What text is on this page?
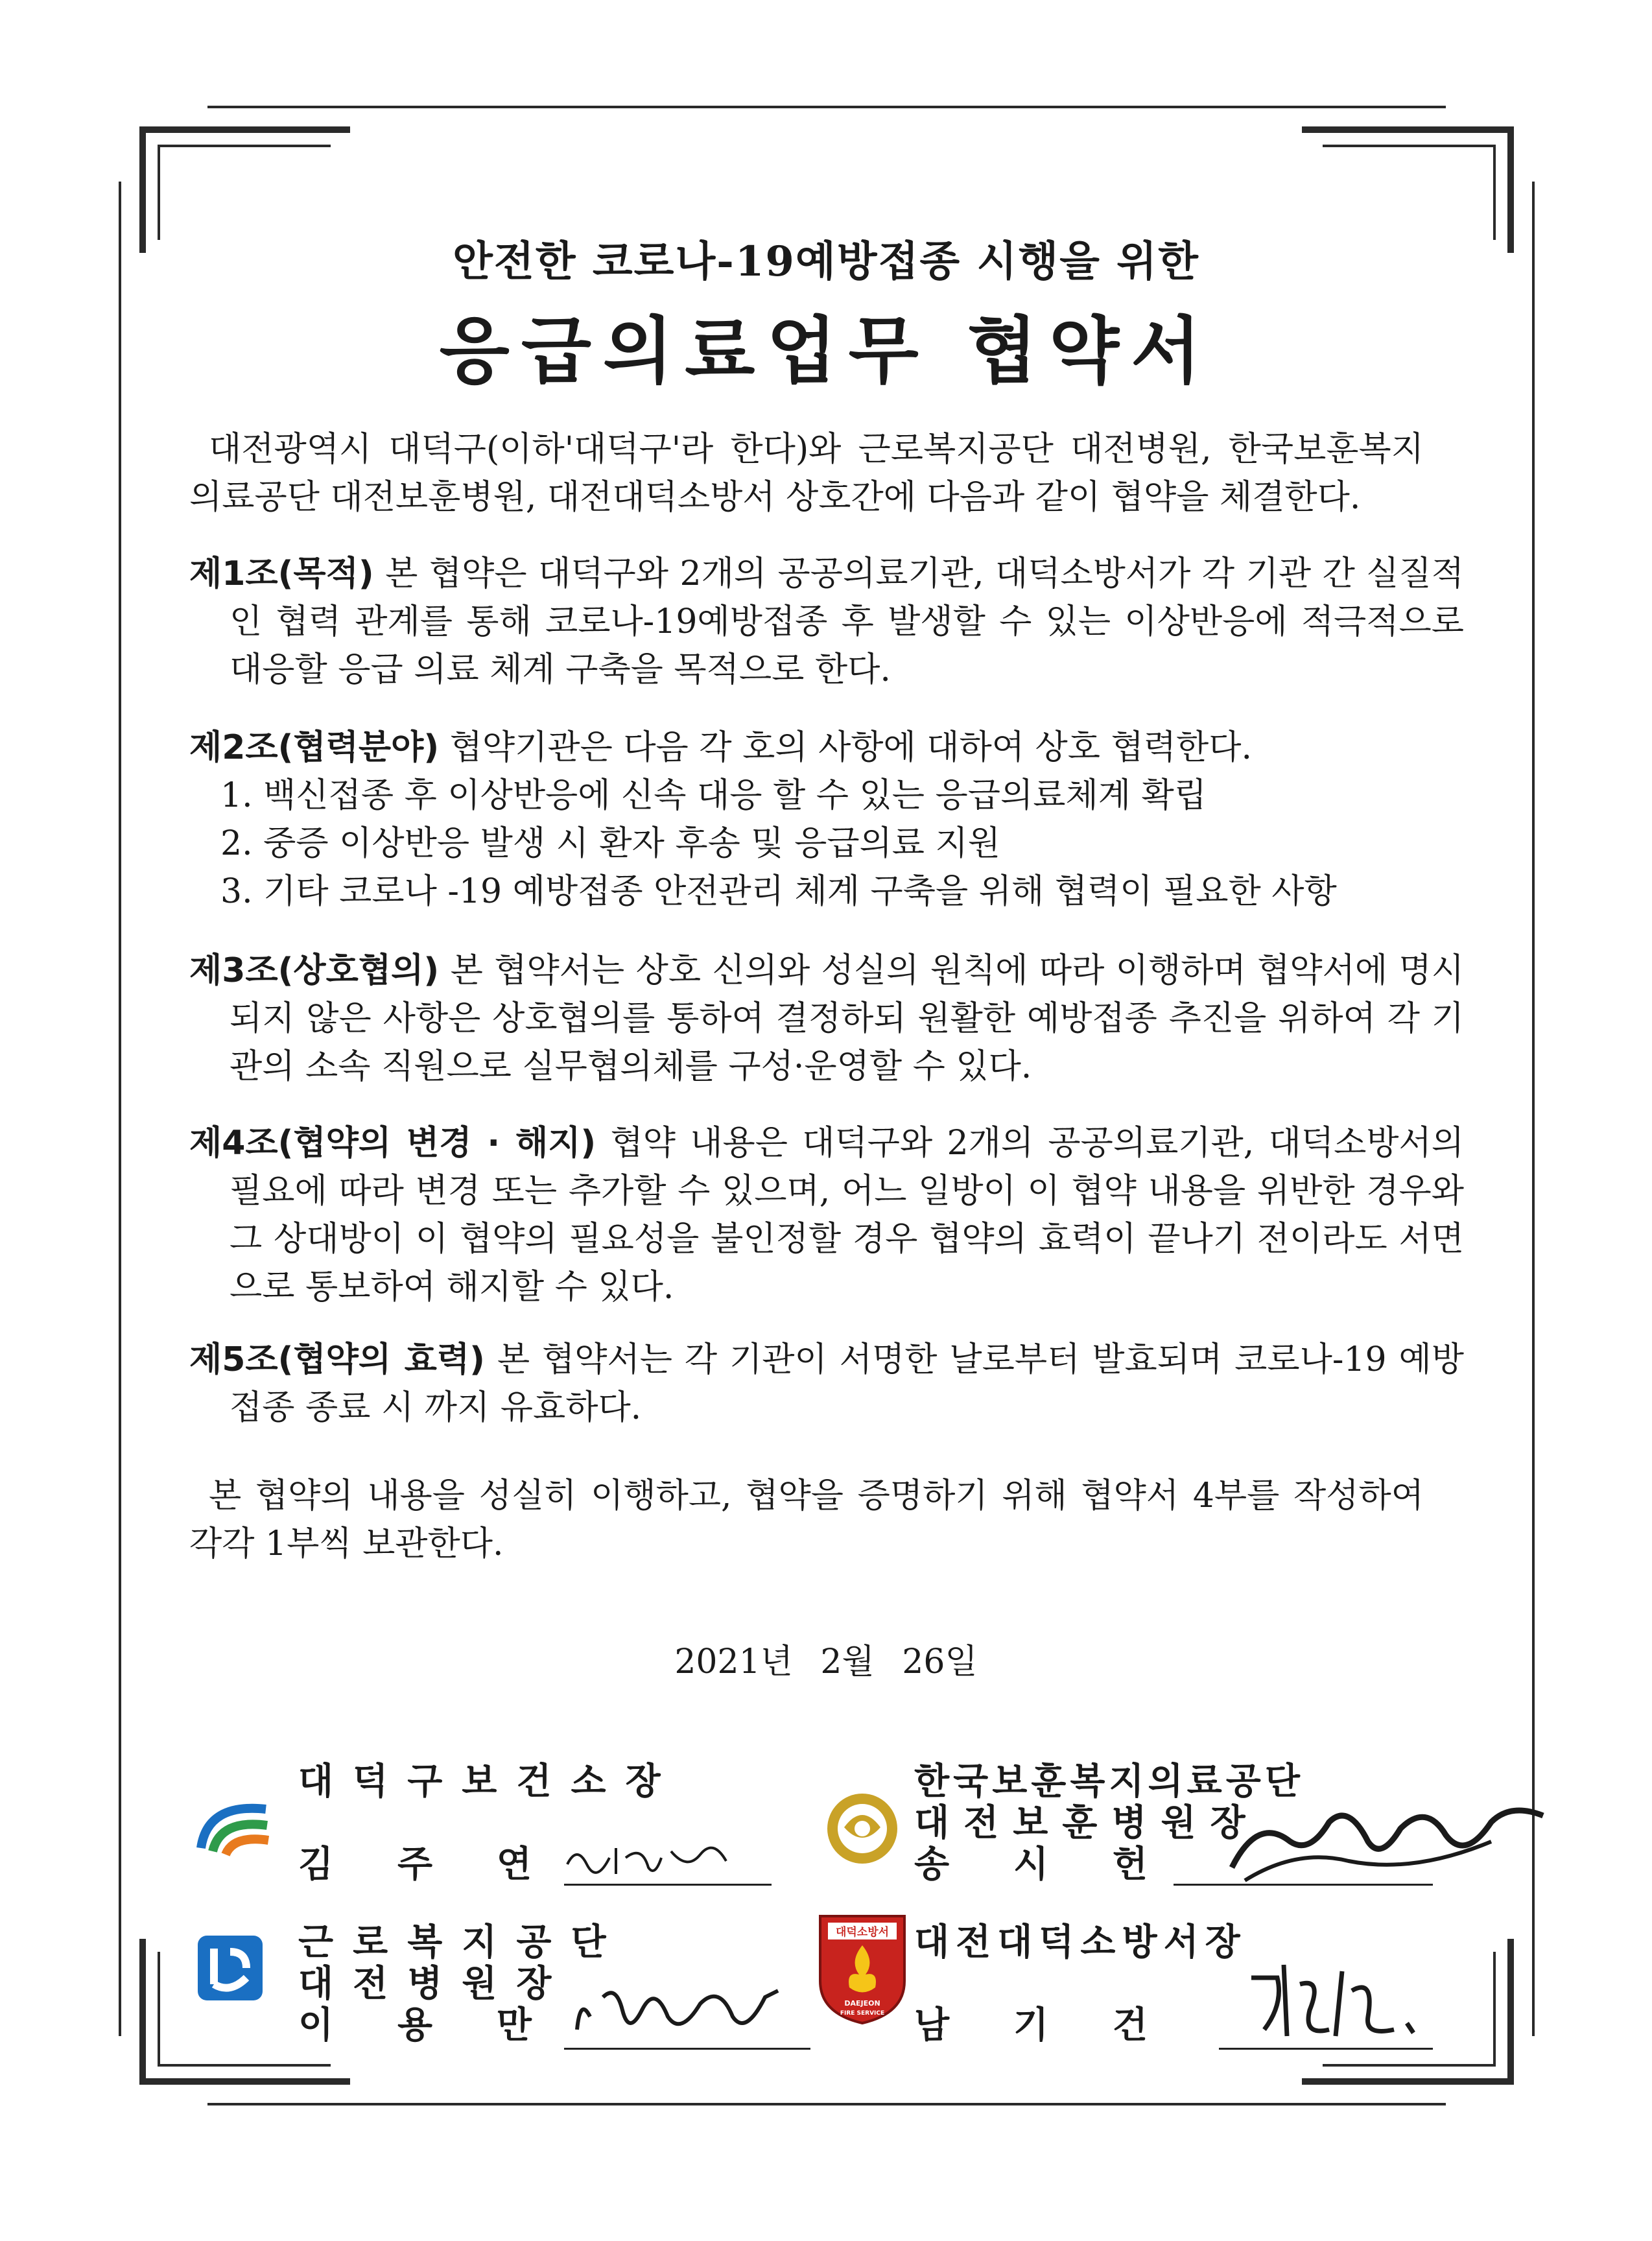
안전한 코로나-19예방접종 시행을 위한
응급의료업무 협약서
대전광역시 대덕구(이하'대덕구'라 한다)와 근로복지공단 대전병원, 한국보훈복지의료공단 대전보훈병원, 대전대덕소방서 상호간에 다음과 같이 협약을 체결한다.
제1조(목적) 본 협약은 대덕구와 2개의 공공의료기관, 대덕소방서가 각 기관 간 실질적인 협력 관계를 통해 코로나-19예방접종 후 발생할 수 있는 이상반응에 적극적으로 대응할 응급 의료 체계 구축을 목적으로 한다.
제2조(협력분야) 협약기관은 다음 각 호의 사항에 대하여 상호 협력한다.
1. 백신접종 후 이상반응에 신속 대응 할 수 있는 응급의료체계 확립
2. 중증 이상반응 발생 시 환자 후송 및 응급의료 지원
3. 기타 코로나 -19 예방접종 안전관리 체계 구축을 위해 협력이 필요한 사항
제3조(상호협의) 본 협약서는 상호 신의와 성실의 원칙에 따라 이행하며 협약서에 명시되지 않은 사항은 상호협의를 통하여 결정하되 원활한 예방접종 추진을 위하여 각 기관의 소속 직원으로 실무협의체를 구성·운영할 수 있다.
제4조(협약의 변경 · 해지) 협약 내용은 대덕구와 2개의 공공의료기관, 대덕소방서의 필요에 따라 변경 또는 추가할 수 있으며, 어느 일방이 이 협약 내용을 위반한 경우와 그 상대방이 이 협약의 필요성을 불인정할 경우 협약의 효력이 끝나기 전이라도 서면으로 통보하여 해지할 수 있다.
제5조(협약의 효력) 본 협약서는 각 기관이 서명한 날로부터 발효되며 코로나-19 예방접종 종료 시 까지 유효하다.
본 협약의 내용을 성실히 이행하고, 협약을 증명하기 위해 협약서 4부를 작성하여 각각 1부씩 보관한다.
2021년 2월 26일
대덕구보건소장
김 주 연
한국보훈복지의료공단
대전보훈병원장
송 시 헌
근로복지공단
대전병원장
이 용 만
대덕소방서
DAEJEON
FIRE SERVICE
대전대덕소방서장
남 기 건
